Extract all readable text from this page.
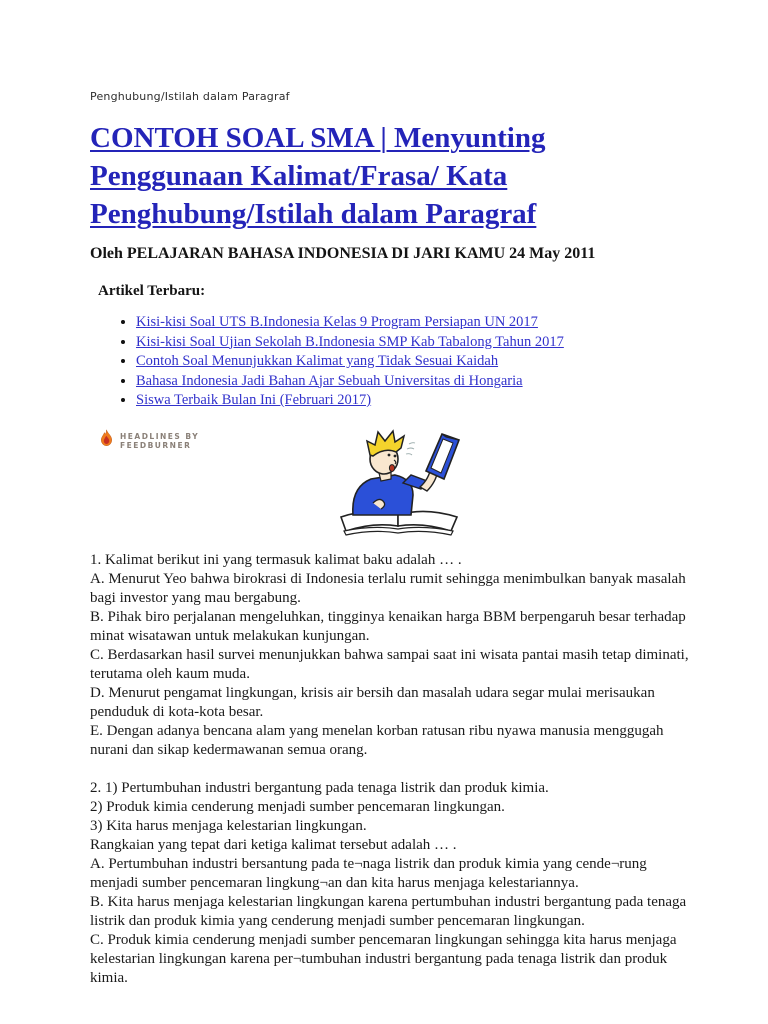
Penghubung/Istilah dalam Paragraf
CONTOH SOAL SMA | Menyunting
Penggunaan Kalimat/Frasa/ Kata
Penghubung/Istilah dalam Paragraf
Oleh PELAJARAN BAHASA INDONESIA DI JARI KAMU 24 May 2011
Artikel Terbaru:
• Kisi-kisi Soal UTS B.Indonesia Kelas 9 Program Persiapan UN 2017
• Kisi-kisi Soal Ujian Sekolah B.Indonesia SMP Kab Tabalong Tahun 2017
• Contoh Soal Menunjukkan Kalimat yang Tidak Sesuai Kaidah
• Bahasa Indonesia Jadi Bahan Ajar Sebuah Universitas di Hongaria
• Siswa Terbaik Bulan Ini (Februari 2017)
HEADLINES BY
FEEDBURNER

1. Kalimat berikut ini yang termasuk kalimat baku adalah … .

A. Menurut Yeo bahwa birokrasi di Indonesia terlalu rumit sehingga menimbulkan banyak masalah bagi investor yang mau bergabung.

B. Pihak biro perjalanan mengeluhkan, tingginya kenaikan harga BBM berpengaruh besar terhadap minat wisatawan untuk melakukan kunjungan.

C. Berdasarkan hasil survei menunjukkan bahwa sampai saat ini wisata pantai masih tetap diminati, terutama oleh kaum muda.

D. Menurut pengamat lingkungan, krisis air bersih dan masalah udara segar mulai merisaukan penduduk di kota-kota besar.

E. Dengan adanya bencana alam yang menelan korban ratusan ribu nyawa manusia menggugah nurani dan sikap kedermawanan semua orang.

2. 1) Pertumbuhan industri bergantung pada tenaga listrik dan produk kimia.

2) Produk kimia cenderung menjadi sumber pencemaran lingkungan.

3) Kita harus menjaga kelestarian lingkungan.

Rangkaian yang tepat dari ketiga kalimat tersebut adalah … .

A. Pertumbuhan industri bersantung pada te¬naga listrik dan produk kimia yang cende¬rung menjadi sumber pencemaran lingkung¬an dan kita harus menjaga kelestariannya.

B. Kita harus menjaga kelestarian lingkungan karena pertumbuhan industri bergantung pada tenaga listrik dan produk kimia yang cenderung menjadi sumber pencemaran lingkungan.

C. Produk kimia cenderung menjadi sumber pencemaran lingkungan sehingga kita harus menjaga kelestarian lingkungan karena per¬tumbuhan industri bergantung pada tenaga listrik dan produk kimia.
